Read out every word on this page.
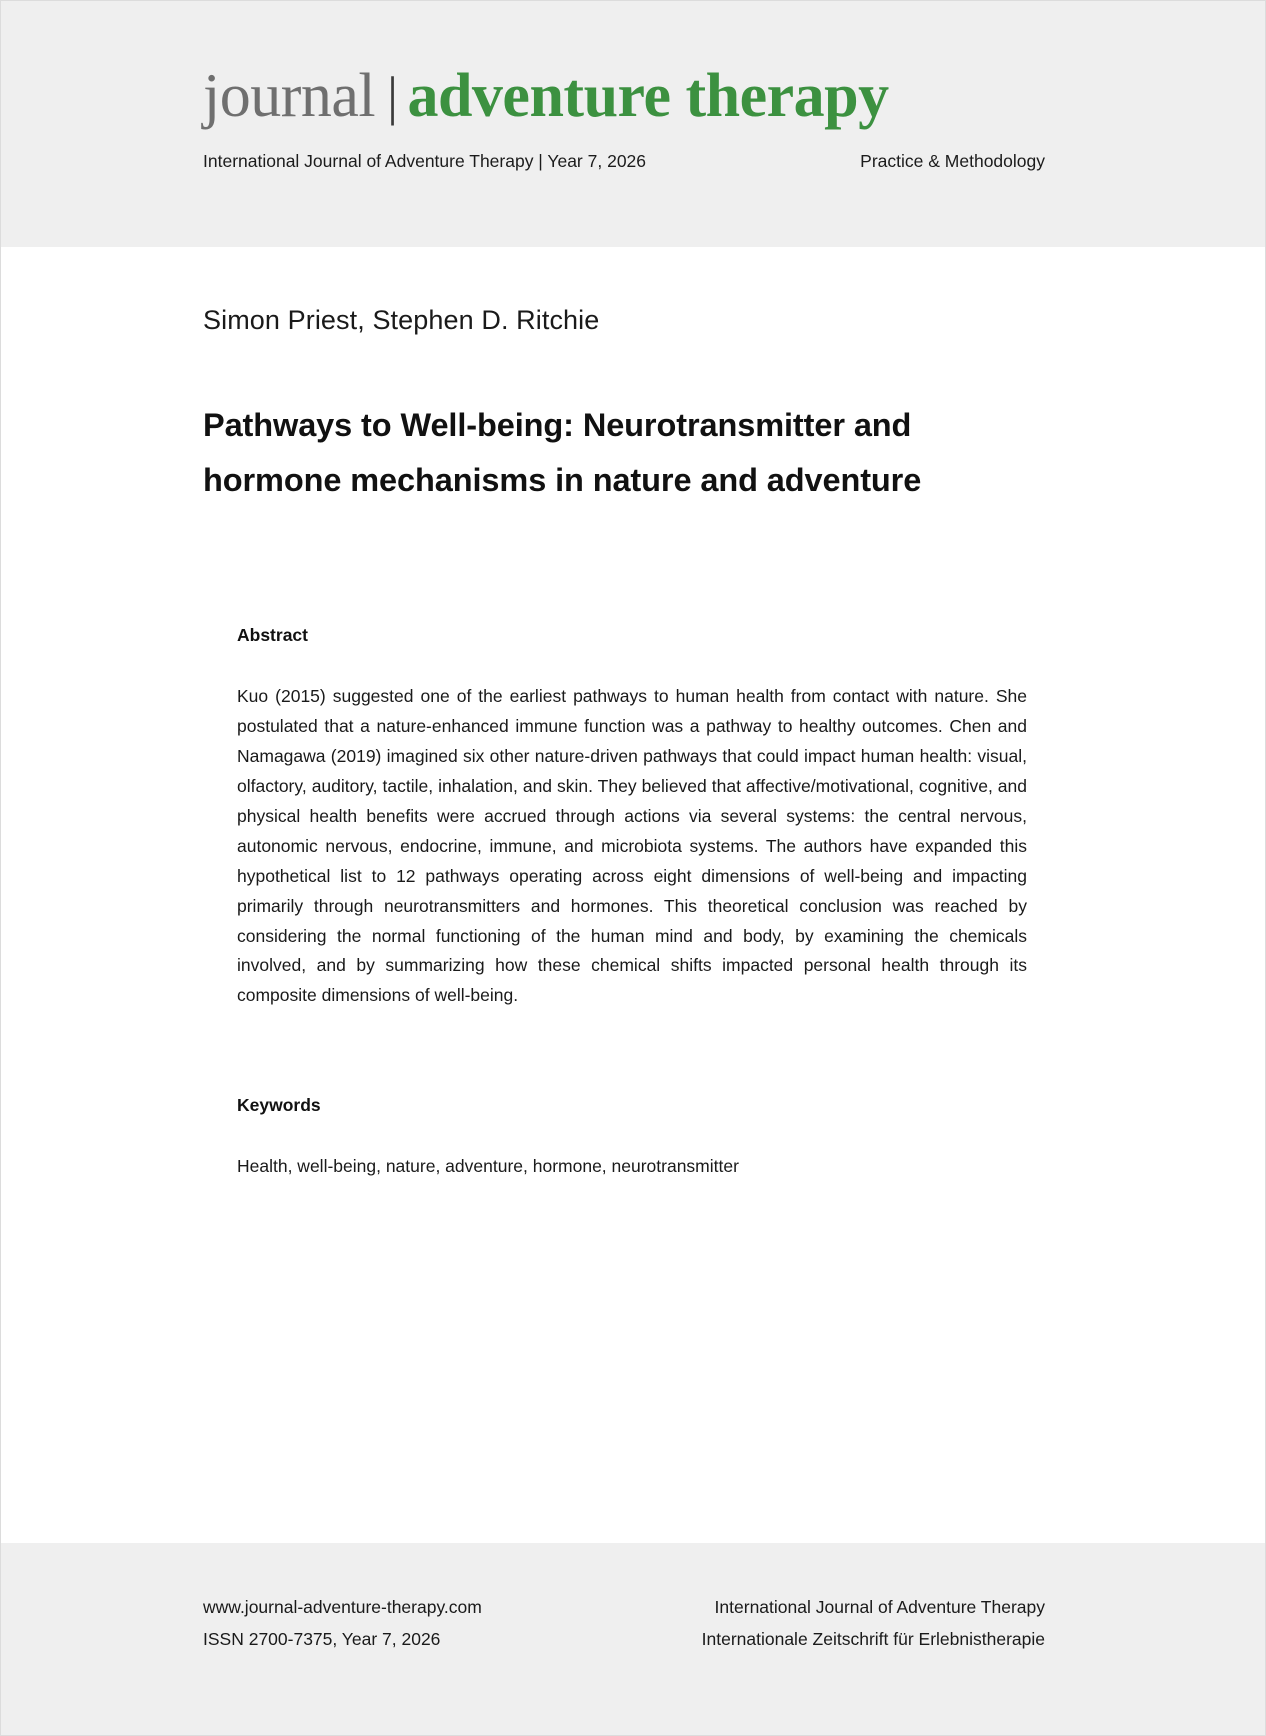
journal | adventure therapy
International Journal of Adventure Therapy | Year 7, 2026	Practice & Methodology
Simon Priest, Stephen D. Ritchie
Pathways to Well-being: Neurotransmitter and hormone mechanisms in nature and adventure
Abstract

Kuo (2015) suggested one of the earliest pathways to human health from contact with nature. She postulated that a nature-enhanced immune function was a pathway to healthy outcomes. Chen and Namagawa (2019) imagined six other nature-driven pathways that could impact human health: visual, olfactory, auditory, tactile, inhalation, and skin. They believed that affective/motivational, cognitive, and physical health benefits were accrued through actions via several systems: the central nervous, autonomic nervous, endocrine, immune, and microbiota systems. The authors have expanded this hypothetical list to 12 pathways operating across eight dimensions of well-being and impacting primarily through neurotransmitters and hormones. This theoretical conclusion was reached by considering the normal functioning of the human mind and body, by examining the chemicals involved, and by summarizing how these chemical shifts impacted personal health through its composite dimensions of well-being.

Keywords

Health, well-being, nature, adventure, hormone, neurotransmitter

www.journal-adventure-therapy.com
ISSN 2700-7375, Year 7, 2026
International Journal of Adventure Therapy
Internationale Zeitschrift für Erlebnistherapie
